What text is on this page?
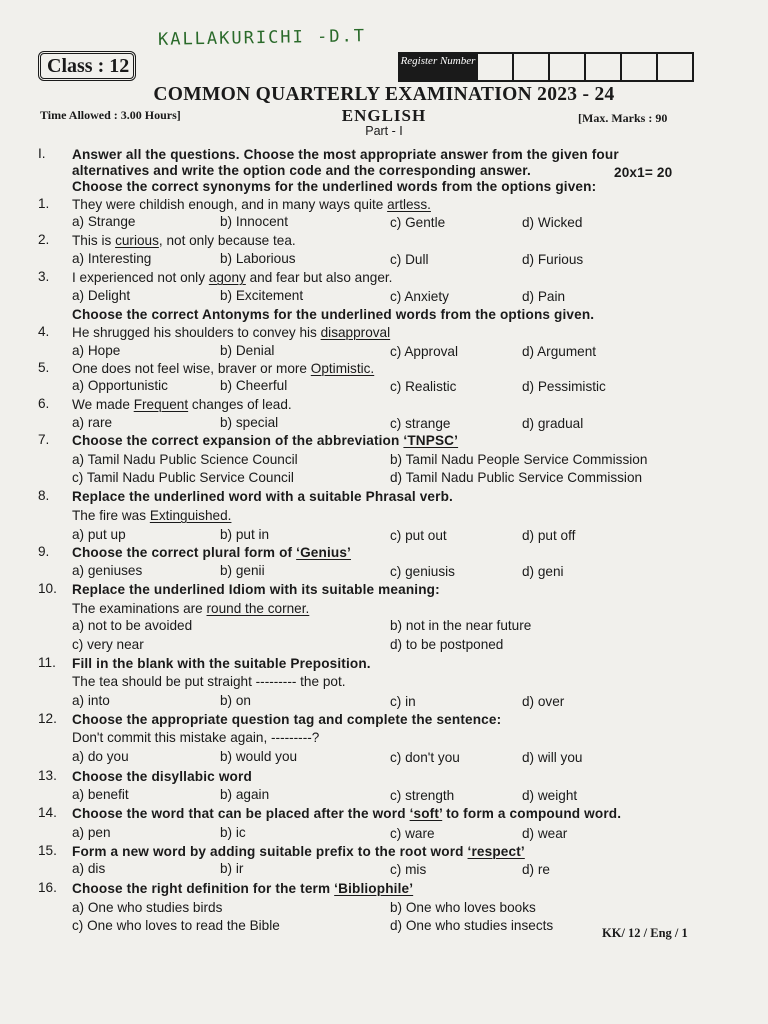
KALLAKURICHI -D.T
Class : 12	Register Number
COMMON QUARTERLY EXAMINATION 2023 - 24
ENGLISH
Time Allowed : 3.00 Hours]	[Max. Marks : 90
Part - I
I. Answer all the questions. Choose the most appropriate answer from the given four
alternatives and write the option code and the corresponding answer.	20x1= 20
Choose the correct synonyms for the underlined words from the options given:
Choose the correct Antonyms for the underlined words from the options given.
1. They were childish enough, and in many ways quite artless.
a) Strange	b) Innocent	c) Gentle	d) Wicked
2. This is curious, not only because tea.
a) Interesting	b) Laborious	c) Dull	d) Furious
3. I experienced not only agony and fear but also anger.
a) Delight	b) Excitement	c) Anxiety	d) Pain
4. He shrugged his shoulders to convey his disapproval
a) Hope	b) Denial	c) Approval	d) Argument
5. One does not feel wise, braver or more Optimistic.
a) Opportunistic	b) Cheerful	c) Realistic	d) Pessimistic
6. We made Frequent changes of lead.
a) rare	b) special	c) strange	d) gradual
7. Choose the correct expansion of the abbreviation ‘TNPSC’
a) Tamil Nadu Public Science Council	b) Tamil Nadu People Service Commission
c) Tamil Nadu Public Service Council	d) Tamil Nadu Public Service Commission
8. Replace the underlined word with a suitable Phrasal verb.
The fire was Extinguished.
a) put up	b) put in	c) put out	d) put off
9. Choose the correct plural form of ‘Genius’
a) geniuses	b) genii	c) geniusis	d) geni
10. Replace the underlined Idiom with its suitable meaning:
The examinations are round the corner.
a) not to be avoided	b) not in the near future
c) very near	d) to be postponed
11. Fill in the blank with the suitable Preposition.
The tea should be put straight --------- the pot.
a) into	b) on	c) in	d) over
12. Choose the appropriate question tag and complete the sentence:
Don't commit this mistake again, ---------?
a) do you	b) would you	c) don't you	d) will you
13. Choose the disyllabic word
a) benefit	b) again	c) strength	d) weight
14. Choose the word that can be placed after the word ‘soft’ to form a compound word.
a) pen	b) ic	c) ware	d) wear
15. Form a new word by adding suitable prefix to the root word ‘respect’
a) dis	b) ir	c) mis	d) re
16. Choose the right definition for the term ‘Bibliophile’
a) One who studies birds	b) One who loves books
c) One who loves to read the Bible	d) One who studies insects	KK/ 12 / Eng / 1
